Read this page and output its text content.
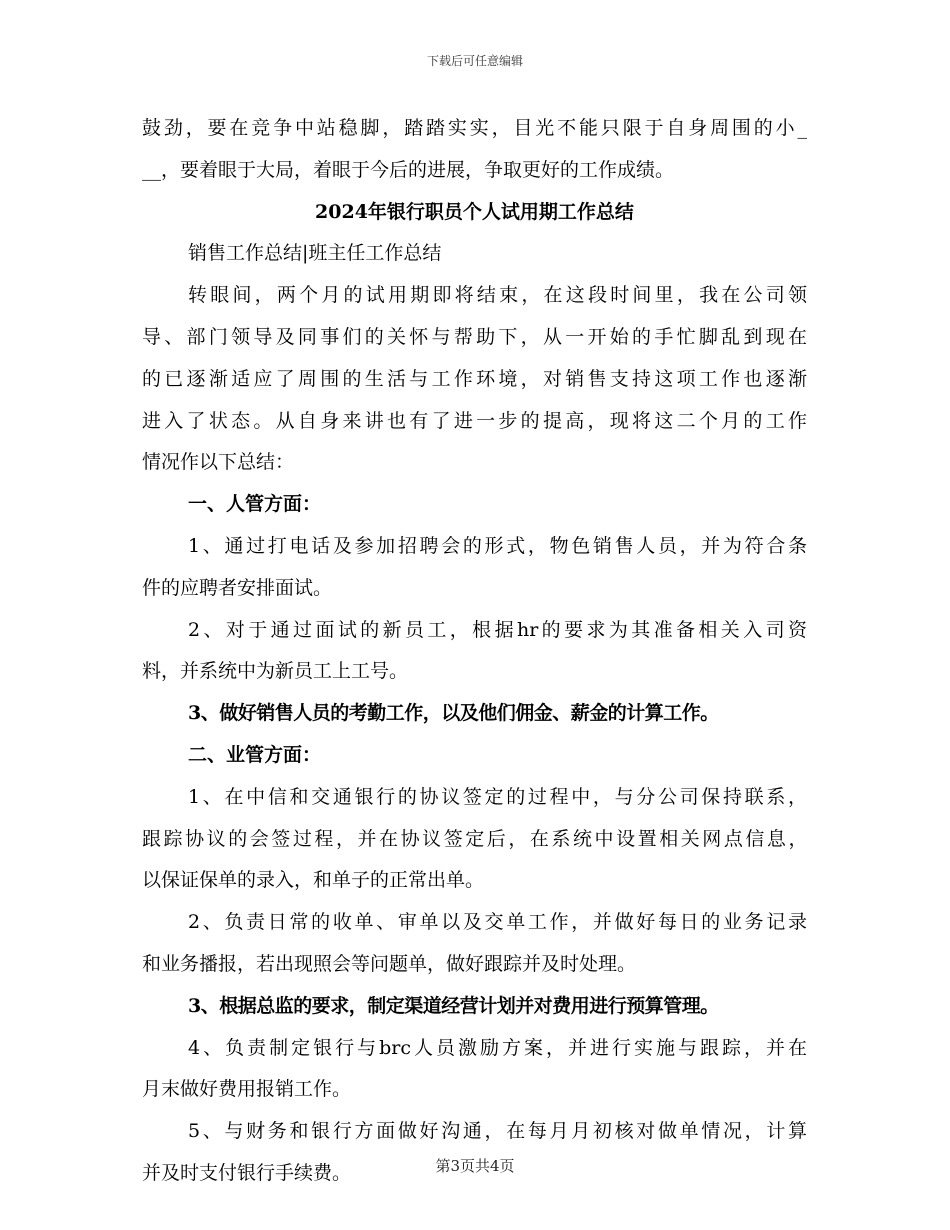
下载后可任意编辑
鼓劲，要在竞争中站稳脚，踏踏实实，目光不能只限于自身周围的小_
__，要着眼于大局，着眼于今后的进展，争取更好的工作成绩。
2024年银行职员个人试用期工作总结
销售工作总结|班主任工作总结
转眼间，两个月的试用期即将结束，在这段时间里，我在公司领
导、部门领导及同事们的关怀与帮助下，从一开始的手忙脚乱到现在
的已逐渐适应了周围的生活与工作环境，对销售支持这项工作也逐渐
进入了状态。从自身来讲也有了进一步的提高，现将这二个月的工作
情况作以下总结：
一、人管方面：
1、通过打电话及参加招聘会的形式，物色销售人员，并为符合条
件的应聘者安排面试。
2、对于通过面试的新员工，根据hr的要求为其准备相关入司资
料，并系统中为新员工上工号。
3、做好销售人员的考勤工作，以及他们佣金、薪金的计算工作。
二、业管方面：
1、在中信和交通银行的协议签定的过程中，与分公司保持联系，
跟踪协议的会签过程，并在协议签定后，在系统中设置相关网点信息，
以保证保单的录入，和单子的正常出单。
2、负责日常的收单、审单以及交单工作，并做好每日的业务记录
和业务播报，若出现照会等问题单，做好跟踪并及时处理。
3、根据总监的要求，制定渠道经营计划并对费用进行预算管理。
4、负责制定银行与brc人员激励方案，并进行实施与跟踪，并在
月末做好费用报销工作。
5、与财务和银行方面做好沟通，在每月月初核对做单情况，计算
并及时支付银行手续费。	第3页共4页
